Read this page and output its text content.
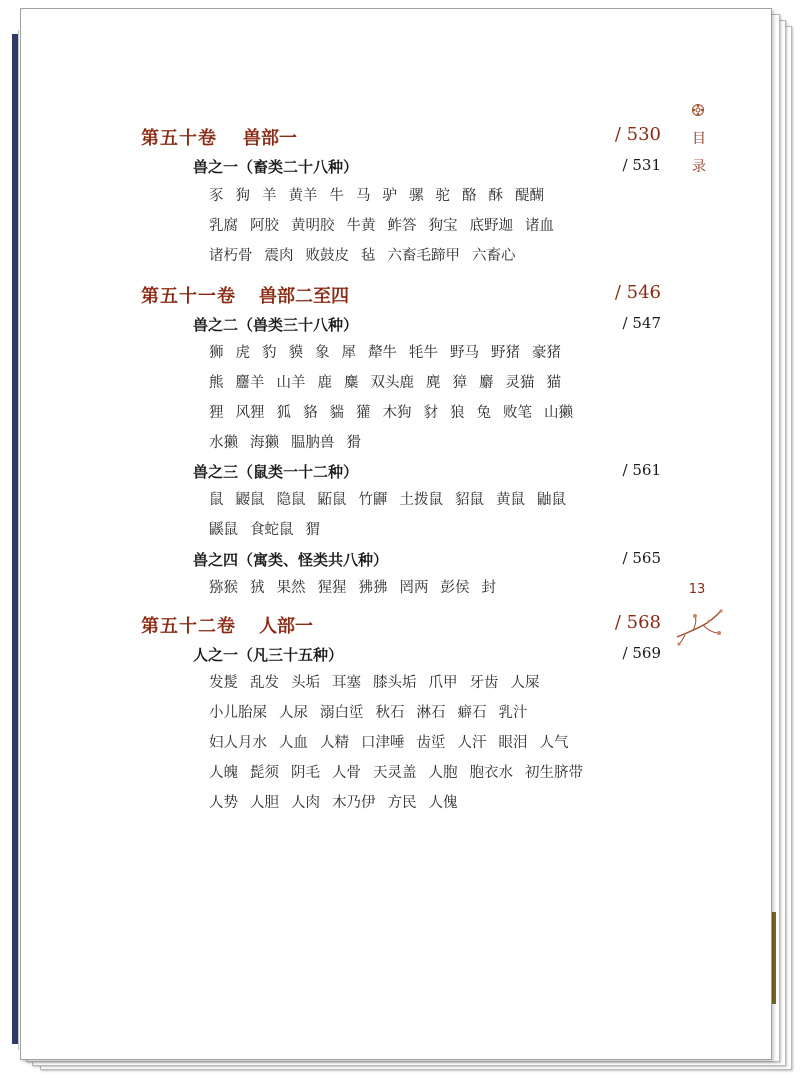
目
录
13
第五十卷 兽部一	/ 530
兽之一（畜类二十八种）	/ 531
豕 狗 羊 黄羊 牛 马 驴 骡 驼 酪 酥 醍醐
乳腐 阿胶 黄明胶 牛黄 鲊答 狗宝 底野迦 诸血
诸朽骨 震肉 败鼓皮 毡 六畜毛蹄甲 六畜心
第五十一卷 兽部二至四	/ 546
兽之二（兽类三十八种）	/ 547
狮 虎 豹 貘 象 犀 犛牛 牦牛 野马 野猪 豪猪
熊 麢羊 山羊 鹿 麋 双头鹿 麂 獐 麝 灵猫 猫
狸 风狸 狐 貉 貒 獾 木狗 豺 狼 兔 败笔 山獭
水獭 海獭 腽肭兽 猾
兽之三（鼠类一十二种）	/ 561
鼠 鼹鼠 隐鼠 鼫鼠 竹鼲 土拨鼠 貂鼠 黄鼠 鼬鼠
鼷鼠 食蛇鼠 猬
兽之四（寓类、怪类共八种）	/ 565
猕猴 狨 果然 猩猩 狒狒 罔两 彭侯 封
第五十二卷 人部一	/ 568
人之一（凡三十五种）	/ 569
发髲 乱发 头垢 耳塞 膝头垢 爪甲 牙齿 人屎
小儿胎屎 人尿 溺白垽 秋石 淋石 癖石 乳汁
妇人月水 人血 人精 口津唾 齿垽 人汗 眼泪 人气
人魄 髭须 阴毛 人骨 天灵盖 人胞 胞衣水 初生脐带
人势 人胆 人肉 木乃伊 方民 人傀
